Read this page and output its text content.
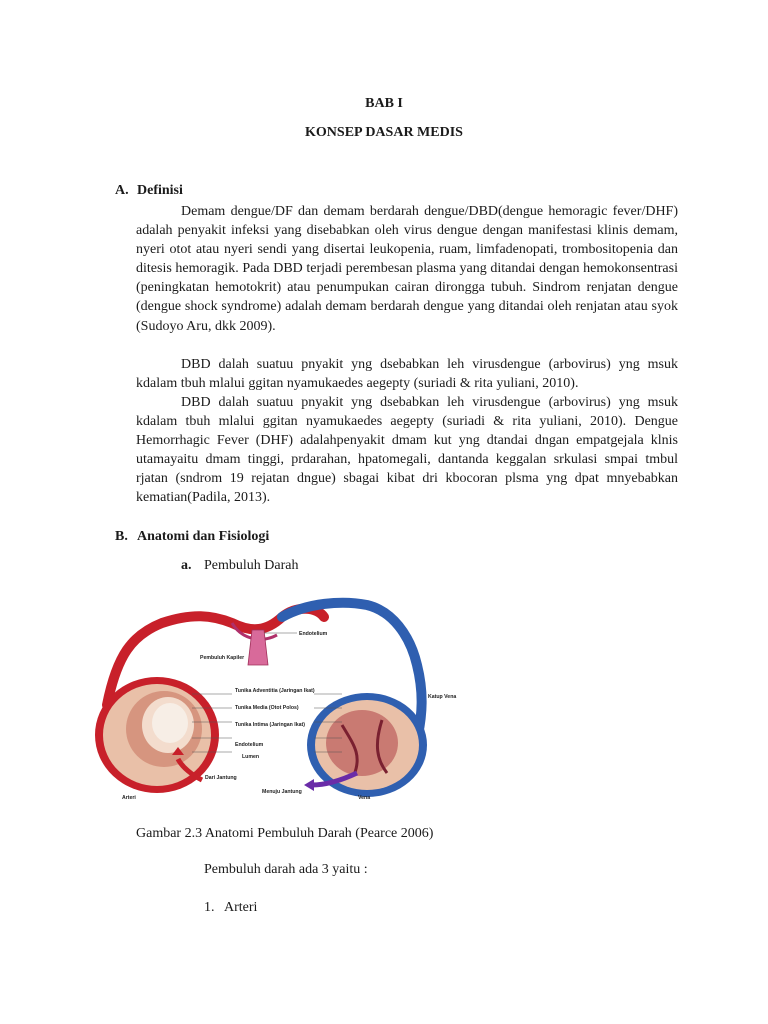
BAB I
KONSEP DASAR MEDIS
A. Definisi

Demam dengue/DF dan demam berdarah dengue/DBD(dengue hemoragic fever/DHF) adalah penyakit infeksi yang disebabkan oleh virus dengue dengan manifestasi klinis demam, nyeri otot atau nyeri sendi yang disertai leukopenia, ruam, limfadenopati, trombositopenia dan ditesis hemoragik. Pada DBD terjadi perembesan plasma yang ditandai dengan hemokonsentrasi (peningkatan hemotokrit) atau penumpukan cairan dirongga tubuh. Sindrom renjatan dengue (dengue shock syndrome) adalah demam berdarah dengue yang ditandai oleh renjatan atau syok (Sudoyo Aru, dkk 2009).

DBD dalah suatuu pnyakit yng dsebabkan leh virusdengue (arbovirus) yng msuk kdalam tbuh mlalui ggitan nyamukaedes aegepty (suriadi & rita yuliani, 2010).

DBD dalah suatuu pnyakit yng dsebabkan leh virusdengue (arbovirus) yng msuk kdalam tbuh mlalui ggitan nyamukaedes aegepty (suriadi & rita yuliani, 2010). Dengue Hemorrhagic Fever (DHF) adalahpenyakit dmam kut yng dtandai dngan empatgejala klnis utamayaitu dmam tinggi, prdarahan, hpatomegali, dantanda keggalan srkulasi smpai tmbul rjatan (sndrom 19 rejatan dngue) sbagai kibat dri kbocoran plsma yng dpat mnyebabkan kematian(Padila, 2013).

B. Anatomi dan Fisiologi
a. Pembuluh Darah
Endotelium
Pembuluh Kapiler
Tunika Adventitia (Jaringan Ikat)
Tunika Media (Otot Polos)
Tunika Intima (Jaringan Ikat)
Endotelium
Lumen
Katup Vena
Dari Jantung
Menuju Jantung
Arteri	Vena
Gambar 2.3 Anatomi Pembuluh Darah (Pearce 2006)
Pembuluh darah ada 3 yaitu :
1. Arteri
